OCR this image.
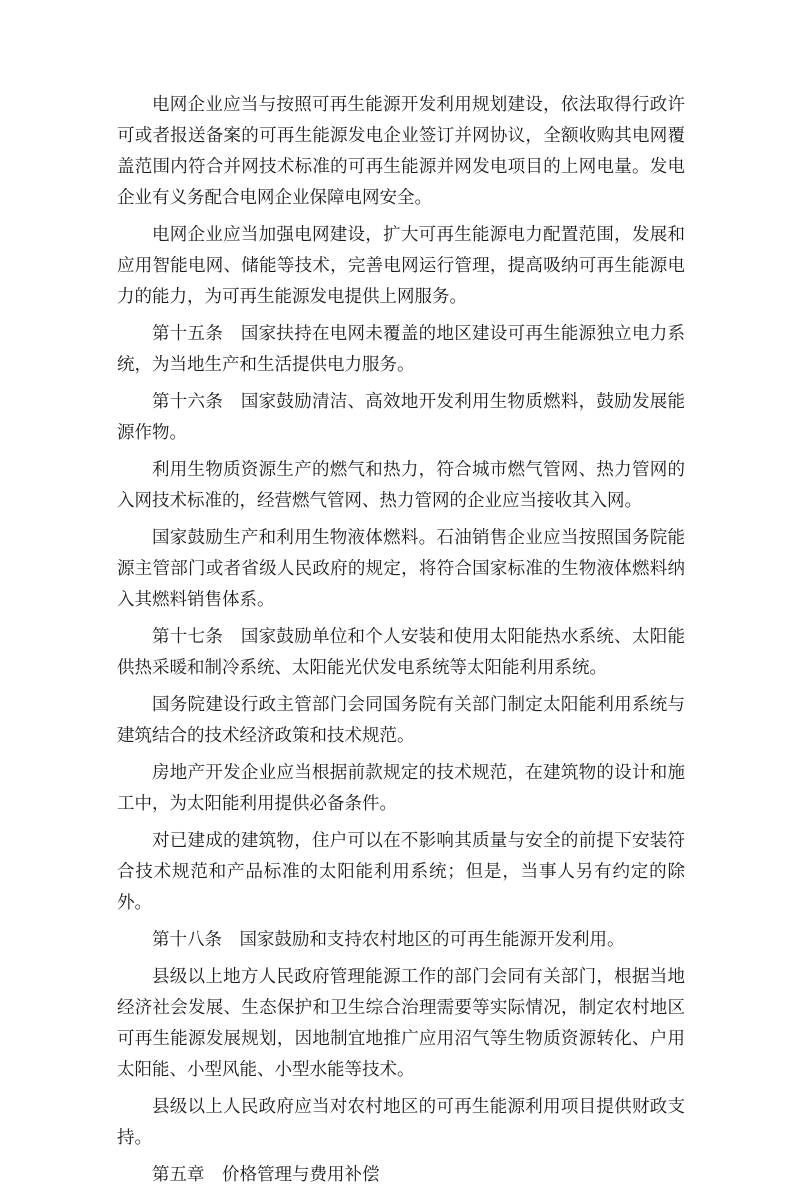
电网企业应当与按照可再生能源开发利用规划建设，依法取得行政许可或者报送备案的可再生能源发电企业签订并网协议，全额收购其电网覆盖范围内符合并网技术标准的可再生能源并网发电项目的上网电量。发电企业有义务配合电网企业保障电网安全。

电网企业应当加强电网建设，扩大可再生能源电力配置范围，发展和应用智能电网、储能等技术，完善电网运行管理，提高吸纳可再生能源电力的能力，为可再生能源发电提供上网服务。

第十五条　国家扶持在电网未覆盖的地区建设可再生能源独立电力系统，为当地生产和生活提供电力服务。

第十六条　国家鼓励清洁、高效地开发利用生物质燃料，鼓励发展能源作物。

利用生物质资源生产的燃气和热力，符合城市燃气管网、热力管网的入网技术标准的，经营燃气管网、热力管网的企业应当接收其入网。

国家鼓励生产和利用生物液体燃料。石油销售企业应当按照国务院能源主管部门或者省级人民政府的规定，将符合国家标准的生物液体燃料纳入其燃料销售体系。

第十七条　国家鼓励单位和个人安装和使用太阳能热水系统、太阳能供热采暖和制冷系统、太阳能光伏发电系统等太阳能利用系统。

国务院建设行政主管部门会同国务院有关部门制定太阳能利用系统与建筑结合的技术经济政策和技术规范。

房地产开发企业应当根据前款规定的技术规范，在建筑物的设计和施工中，为太阳能利用提供必备条件。

对已建成的建筑物，住户可以在不影响其质量与安全的前提下安装符合技术规范和产品标准的太阳能利用系统；但是，当事人另有约定的除外。

第十八条　国家鼓励和支持农村地区的可再生能源开发利用。

县级以上地方人民政府管理能源工作的部门会同有关部门，根据当地经济社会发展、生态保护和卫生综合治理需要等实际情况，制定农村地区可再生能源发展规划，因地制宜地推广应用沼气等生物质资源转化、户用太阳能、小型风能、小型水能等技术。

县级以上人民政府应当对农村地区的可再生能源利用项目提供财政支持。

第五章　价格管理与费用补偿
